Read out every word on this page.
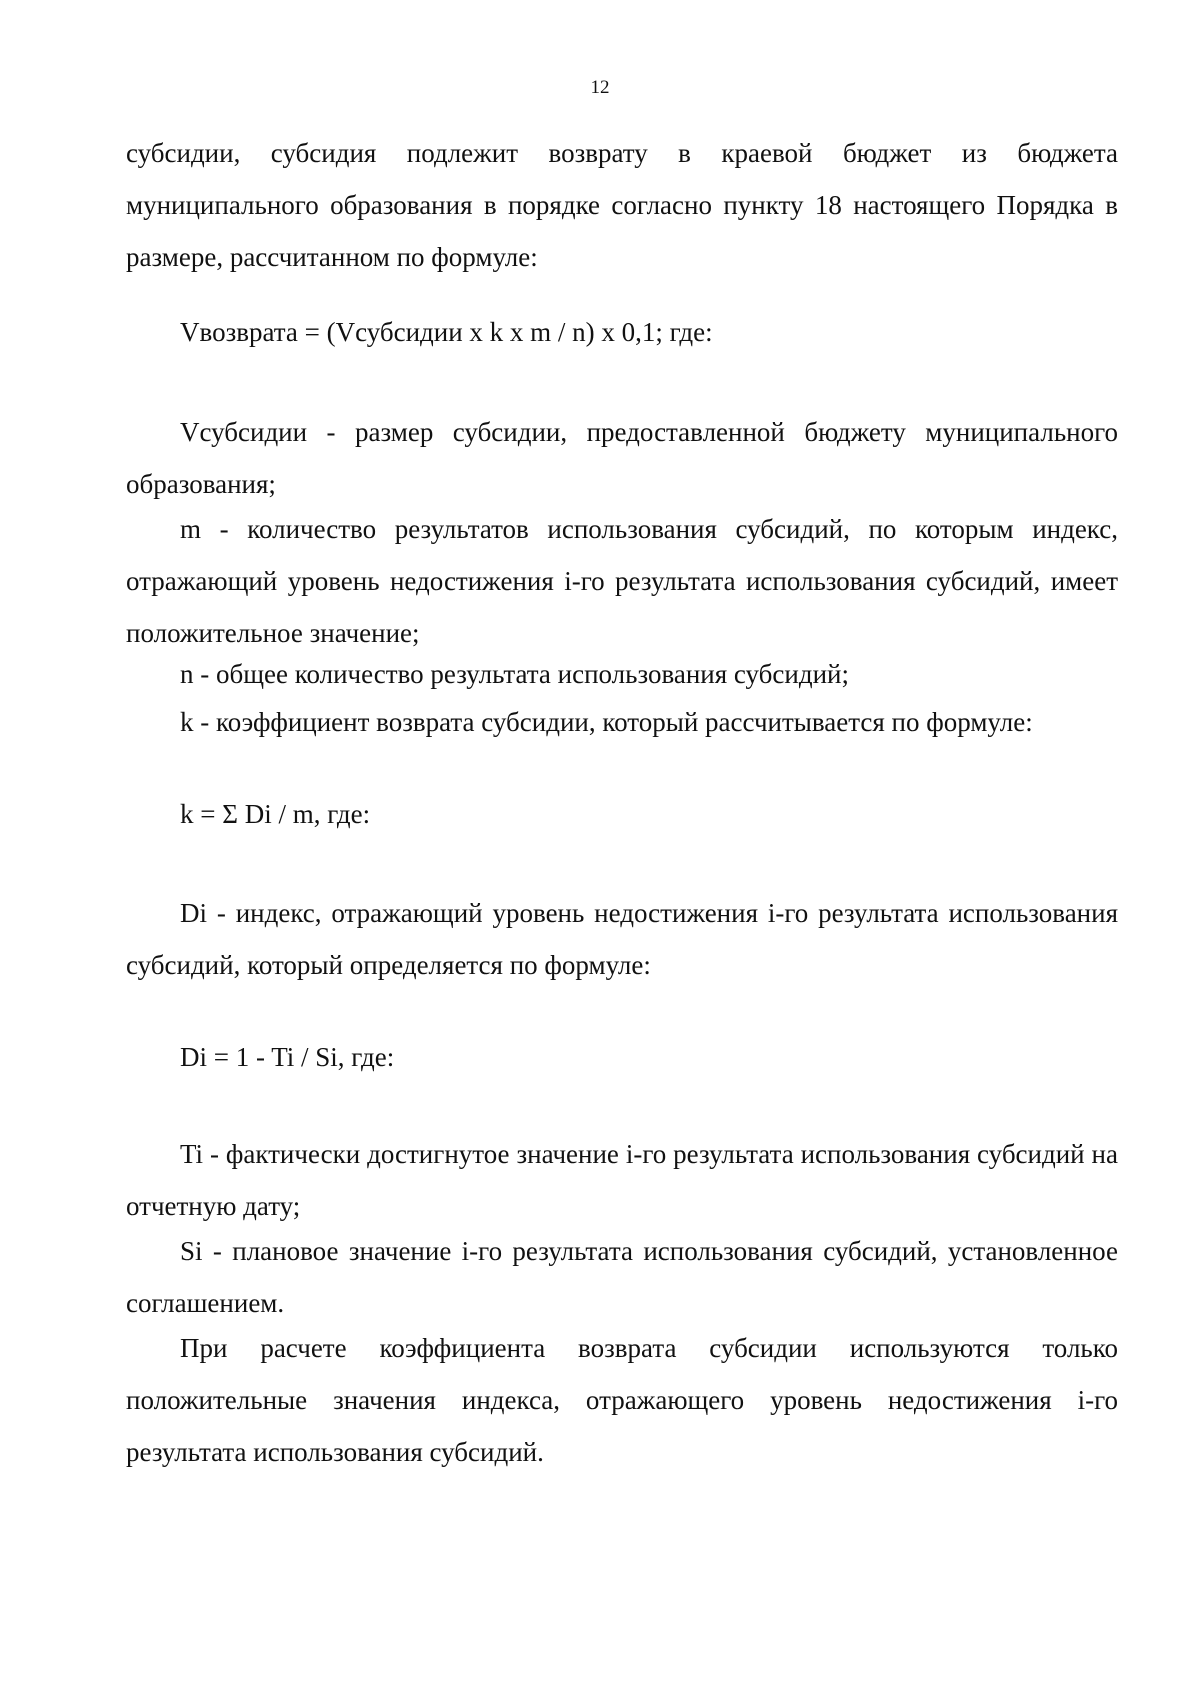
12

субсидии, субсидия подлежит возврату в краевой бюджет из бюджета муниципального образования в порядке согласно пункту 18 настоящего Порядка в размере, рассчитанном по формуле:

Vвозврата = (Vсубсидии x k x m / n) x 0,1; где:

Vсубсидии - размер субсидии, предоставленной бюджету муниципального образования;

m - количество результатов использования субсидий, по которым индекс, отражающий уровень недостижения i-го результата использования субсидий, имеет положительное значение;

n - общее количество результата использования субсидий;

k - коэффициент возврата субсидии, который рассчитывается по формуле:

k = Σ Di / m, где:

Di - индекс, отражающий уровень недостижения i-го результата использования субсидий, который определяется по формуле:

Di = 1 - Ti / Si, где:

Ti - фактически достигнутое значение i-го результата использования субсидий на отчетную дату;

Si - плановое значение i-го результата использования субсидий, установленное соглашением.

При расчете коэффициента возврата субсидии используются только положительные значения индекса, отражающего уровень недостижения i-го результата использования субсидий.
